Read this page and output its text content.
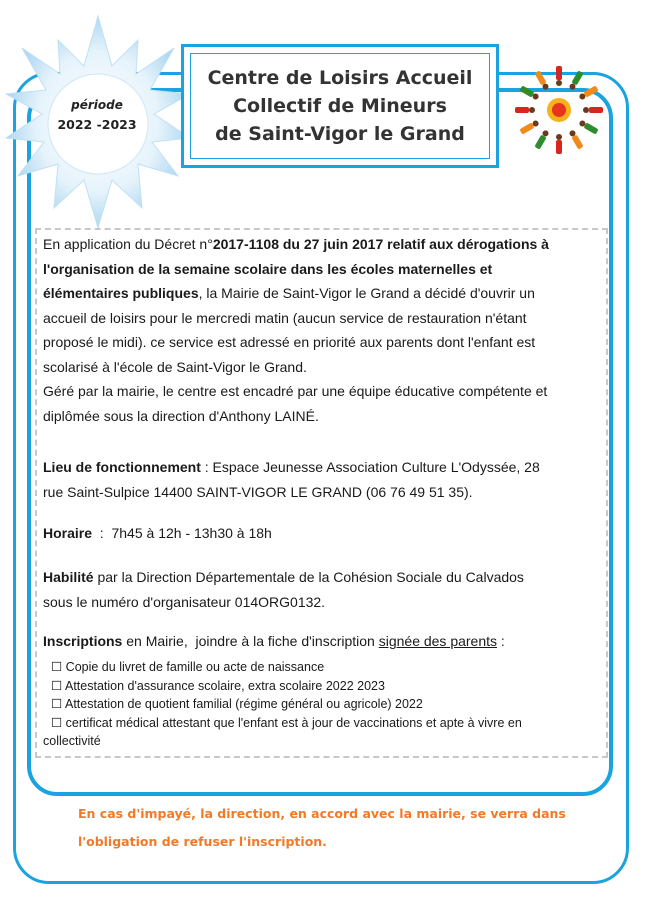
période
2022 -2023
Centre de Loisirs Accueil
Collectif de Mineurs
de Saint-Vigor le Grand
En application du Décret n°2017-1108 du 27 juin 2017 relatif aux dérogations à
l'organisation de la semaine scolaire dans les écoles maternelles et
élémentaires publiques, la Mairie de Saint-Vigor le Grand a décidé d'ouvrir un
accueil de loisirs pour le mercredi matin (aucun service de restauration n'étant
proposé le midi). ce service est adressé en priorité aux parents dont l'enfant est
scolarisé à l'école de Saint-Vigor le Grand.
Géré par la mairie, le centre est encadré par une équipe éducative compétente et
diplômée sous la direction d'Anthony LAINÉ.
Lieu de fonctionnement : Espace Jeunesse Association Culture L'Odyssée, 28
rue Saint-Sulpice 14400 SAINT-VIGOR LE GRAND (06 76 49 51 35).
Horaire  :  7h45 à 12h - 13h30 à 18h
Habilité par la Direction Départementale de la Cohésion Sociale du Calvados
sous le numéro d'organisateur 014ORG0132.
Inscriptions en Mairie,  joindre à la fiche d'inscription signée des parents :
☐ Copie du livret de famille ou acte de naissance
☐ Attestation d'assurance scolaire, extra scolaire 2022 2023
☐ Attestation de quotient familial (régime général ou agricole) 2022
☐ certificat médical attestant que l'enfant est à jour de vaccinations et apte à vivre en
collectivité
En cas d'impayé, la direction, en accord avec la mairie, se verra dans
l'obligation de refuser l'inscription.
